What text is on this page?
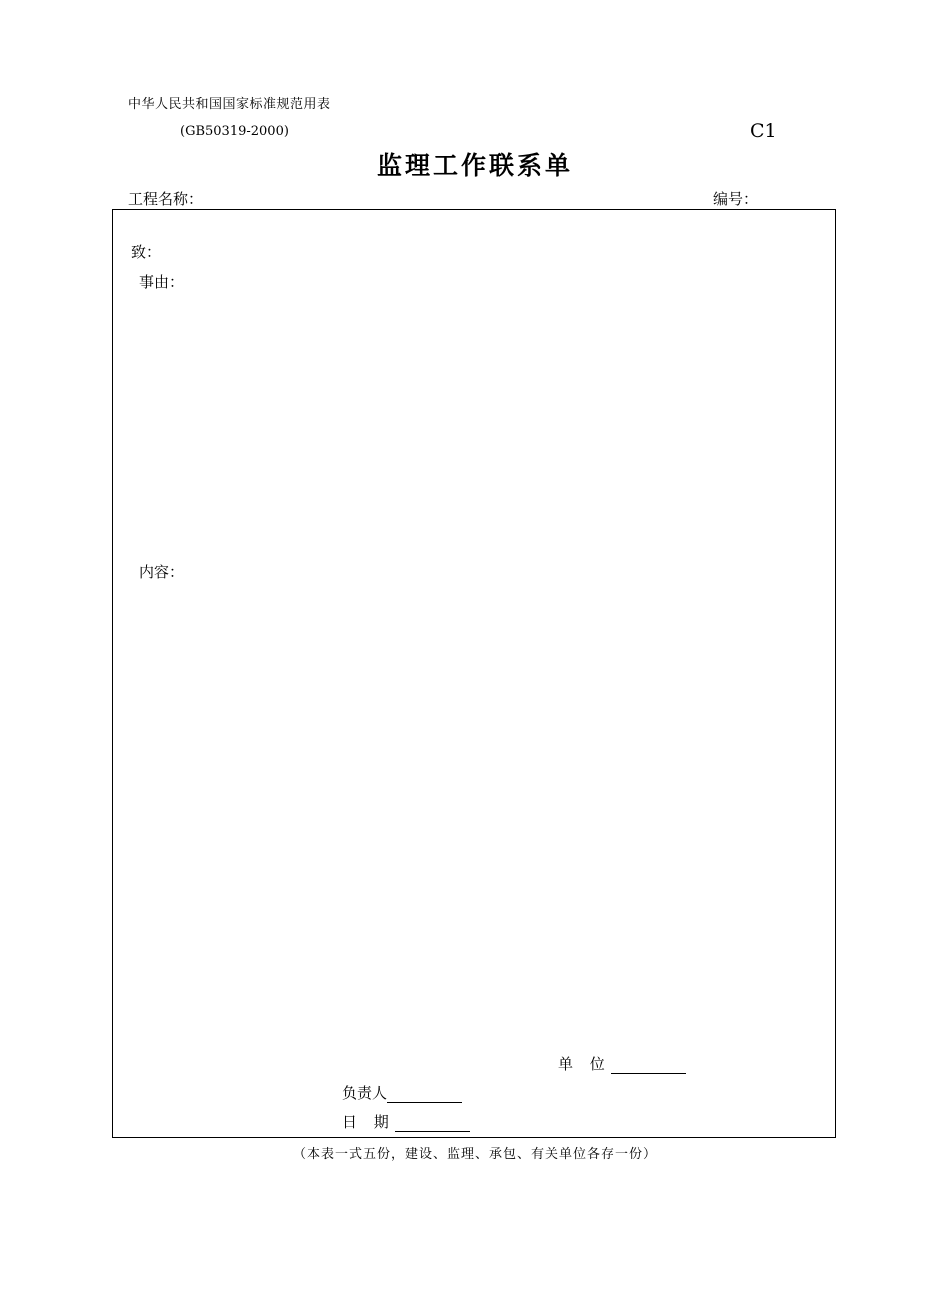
中华人民共和国国家标准规范用表
(GB50319-2000)	C1
监理工作联系单
工程名称：	编号：
致：
事由：
内容：
单 位
负责人
日 期
（本表一式五份，建设、监理、承包、有关单位各存一份）
